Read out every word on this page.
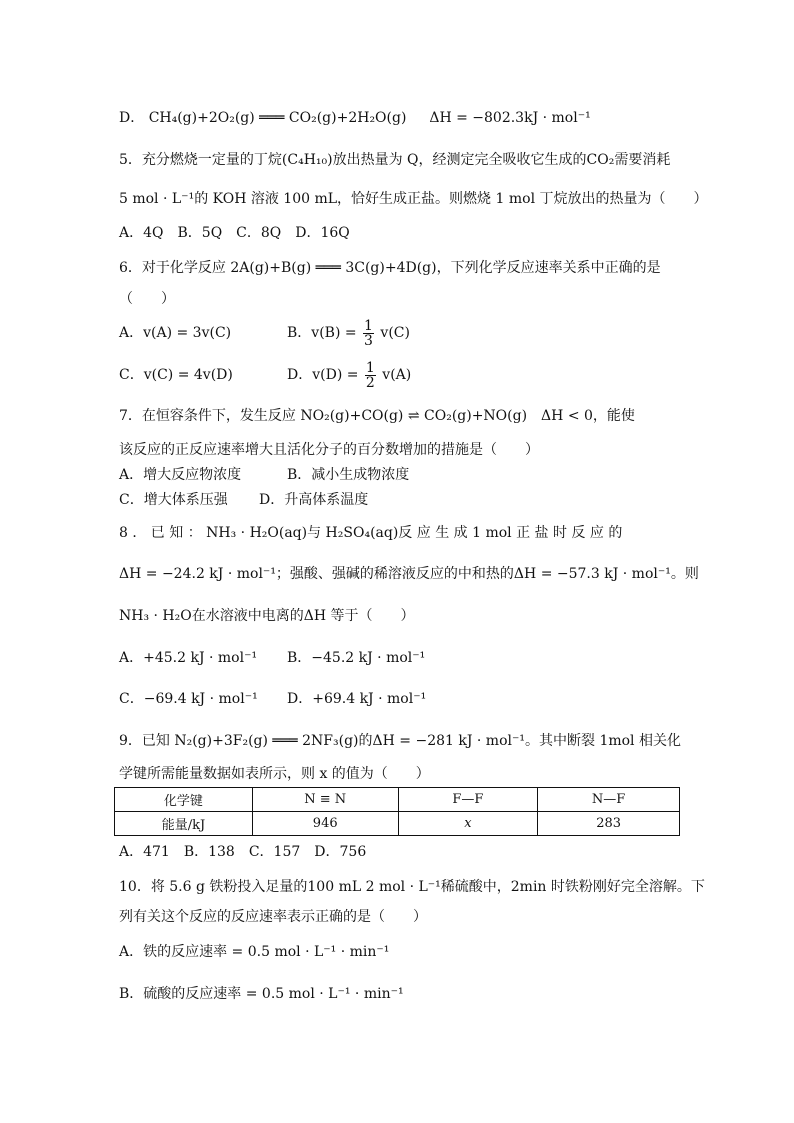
D． CH₄(g)+2O₂(g) ═══ CO₂(g)+2H₂O(g) ΔH = −802.3kJ · mol⁻¹
5．充分燃烧一定量的丁烷(C₄H₁₀)放出热量为 Q，经测定完全吸收它生成的CO₂需要消耗
5 mol · L⁻¹的 KOH 溶液 100 mL，恰好生成正盐。则燃烧 1 mol 丁烷放出的热量为（　　）
A．4Q　B．5Q　C．8Q　D．16Q
6．对于化学反应 2A(g)+B(g) ═══ 3C(g)+4D(g)，下列化学反应速率关系中正确的是
（　　）
A．v(A) = 3v(C)	B．$v(B) = \frac{1}{3} v(C)$
C．v(C) = 4v(D)	D．$v(D) = \frac{1}{2} v(A)$
7．在恒容条件下，发生反应 NO₂(g)+CO(g) ⇌ CO₂(g)+NO(g)　ΔH < 0，能使
该反应的正反应速率增大且活化分子的百分数增加的措施是（　　）
A．增大反应物浓度	B．减小生成物浓度
C．增大体系压强 D．升高体系温度
8 ． 已 知 ： NH₃ · H₂O(aq)与 H₂SO₄(aq)反 应 生 成 1 mol 正 盐 时 反 应 的
ΔH = −24.2 kJ · mol⁻¹；强酸、强碱的稀溶液反应的中和热的ΔH = −57.3 kJ · mol⁻¹。则
NH₃ · H₂O在水溶液中电离的ΔH 等于（　　）
A．+45.2 kJ · mol⁻¹ B．−45.2 kJ · mol⁻¹
C．−69.4 kJ · mol⁻¹ D．+69.4 kJ · mol⁻¹
9．已知 N₂(g)+3F₂(g) ═══ 2NF₃(g)的ΔH = −281 kJ · mol⁻¹。其中断裂 1mol 相关化
学键所需能量数据如表所示，则 x 的值为（　　）
化学键	N ≡ N	F—F	N—F
能量/kJ	946	x	283
A．471　B．138　C．157　D．756
10．将 5.6 g 铁粉投入足量的100 mL 2 mol · L⁻¹稀硫酸中，2min 时铁粉刚好完全溶解。下
列有关这个反应的反应速率表示正确的是（　　）
A．铁的反应速率 = 0.5 mol · L⁻¹ · min⁻¹
B．硫酸的反应速率 = 0.5 mol · L⁻¹ · min⁻¹
